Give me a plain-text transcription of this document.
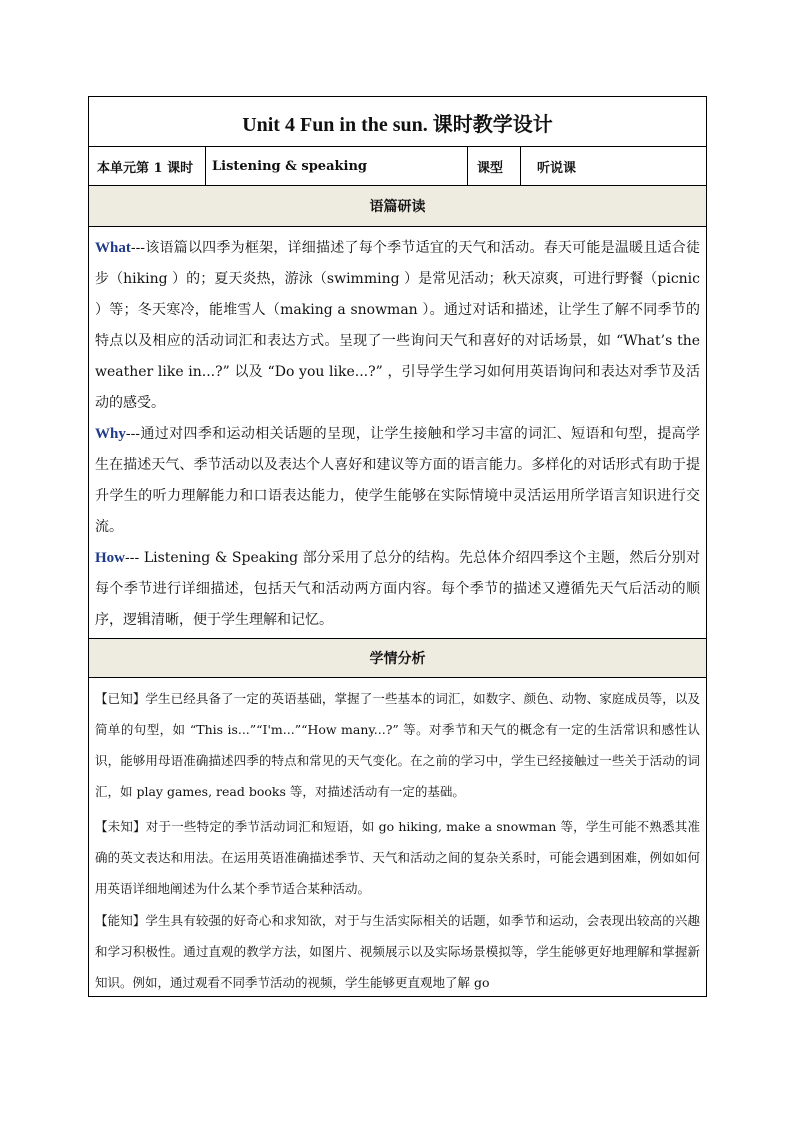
Unit 4 Fun in the sun. 课时教学设计
本单元第 1 课时	Listening & speaking	课型	听说课
语篇研读

What---该语篇以四季为框架，详细描述了每个季节适宜的天气和活动。春天可能是温暖且适合徒步（hiking ）的；夏天炎热，游泳（swimming ）是常见活动；秋天凉爽，可进行野餐（picnic ）等；冬天寒冷，能堆雪人（making a snowman ）。通过对话和描述，让学生了解不同季节的特点以及相应的活动词汇和表达方式。呈现了一些询问天气和喜好的对话场景，如 “What’s the weather like in...?” 以及 “Do you like...?” ，引导学生学习如何用英语询问和表达对季节及活动的感受。

Why---通过对四季和运动相关话题的呈现，让学生接触和学习丰富的词汇、短语和句型，提高学生在描述天气、季节活动以及表达个人喜好和建议等方面的语言能力。多样化的对话形式有助于提升学生的听力理解能力和口语表达能力，使学生能够在实际情境中灵活运用所学语言知识进行交流。

How--- Listening & Speaking 部分采用了总分的结构。先总体介绍四季这个主题，然后分别对每个季节进行详细描述，包括天气和活动两方面内容。每个季节的描述又遵循先天气后活动的顺序，逻辑清晰，便于学生理解和记忆。

学情分析

【已知】学生已经具备了一定的英语基础，掌握了一些基本的词汇，如数字、颜色、动物、家庭成员等，以及简单的句型，如 “This is...”“I'm...”“How many...?” 等。对季节和天气的概念有一定的生活常识和感性认识，能够用母语准确描述四季的特点和常见的天气变化。在之前的学习中，学生已经接触过一些关于活动的词汇，如 play games, read books 等，对描述活动有一定的基础。

【未知】对于一些特定的季节活动词汇和短语，如 go hiking, make a snowman 等，学生可能不熟悉其准确的英文表达和用法。在运用英语准确描述季节、天气和活动之间的复杂关系时，可能会遇到困难，例如如何用英语详细地阐述为什么某个季节适合某种活动。

【能知】学生具有较强的好奇心和求知欲，对于与生活实际相关的话题，如季节和运动，会表现出较高的兴趣和学习积极性。通过直观的教学方法，如图片、视频展示以及实际场景模拟等，学生能够更好地理解和掌握新知识。例如，通过观看不同季节活动的视频，学生能够更直观地了解 go
